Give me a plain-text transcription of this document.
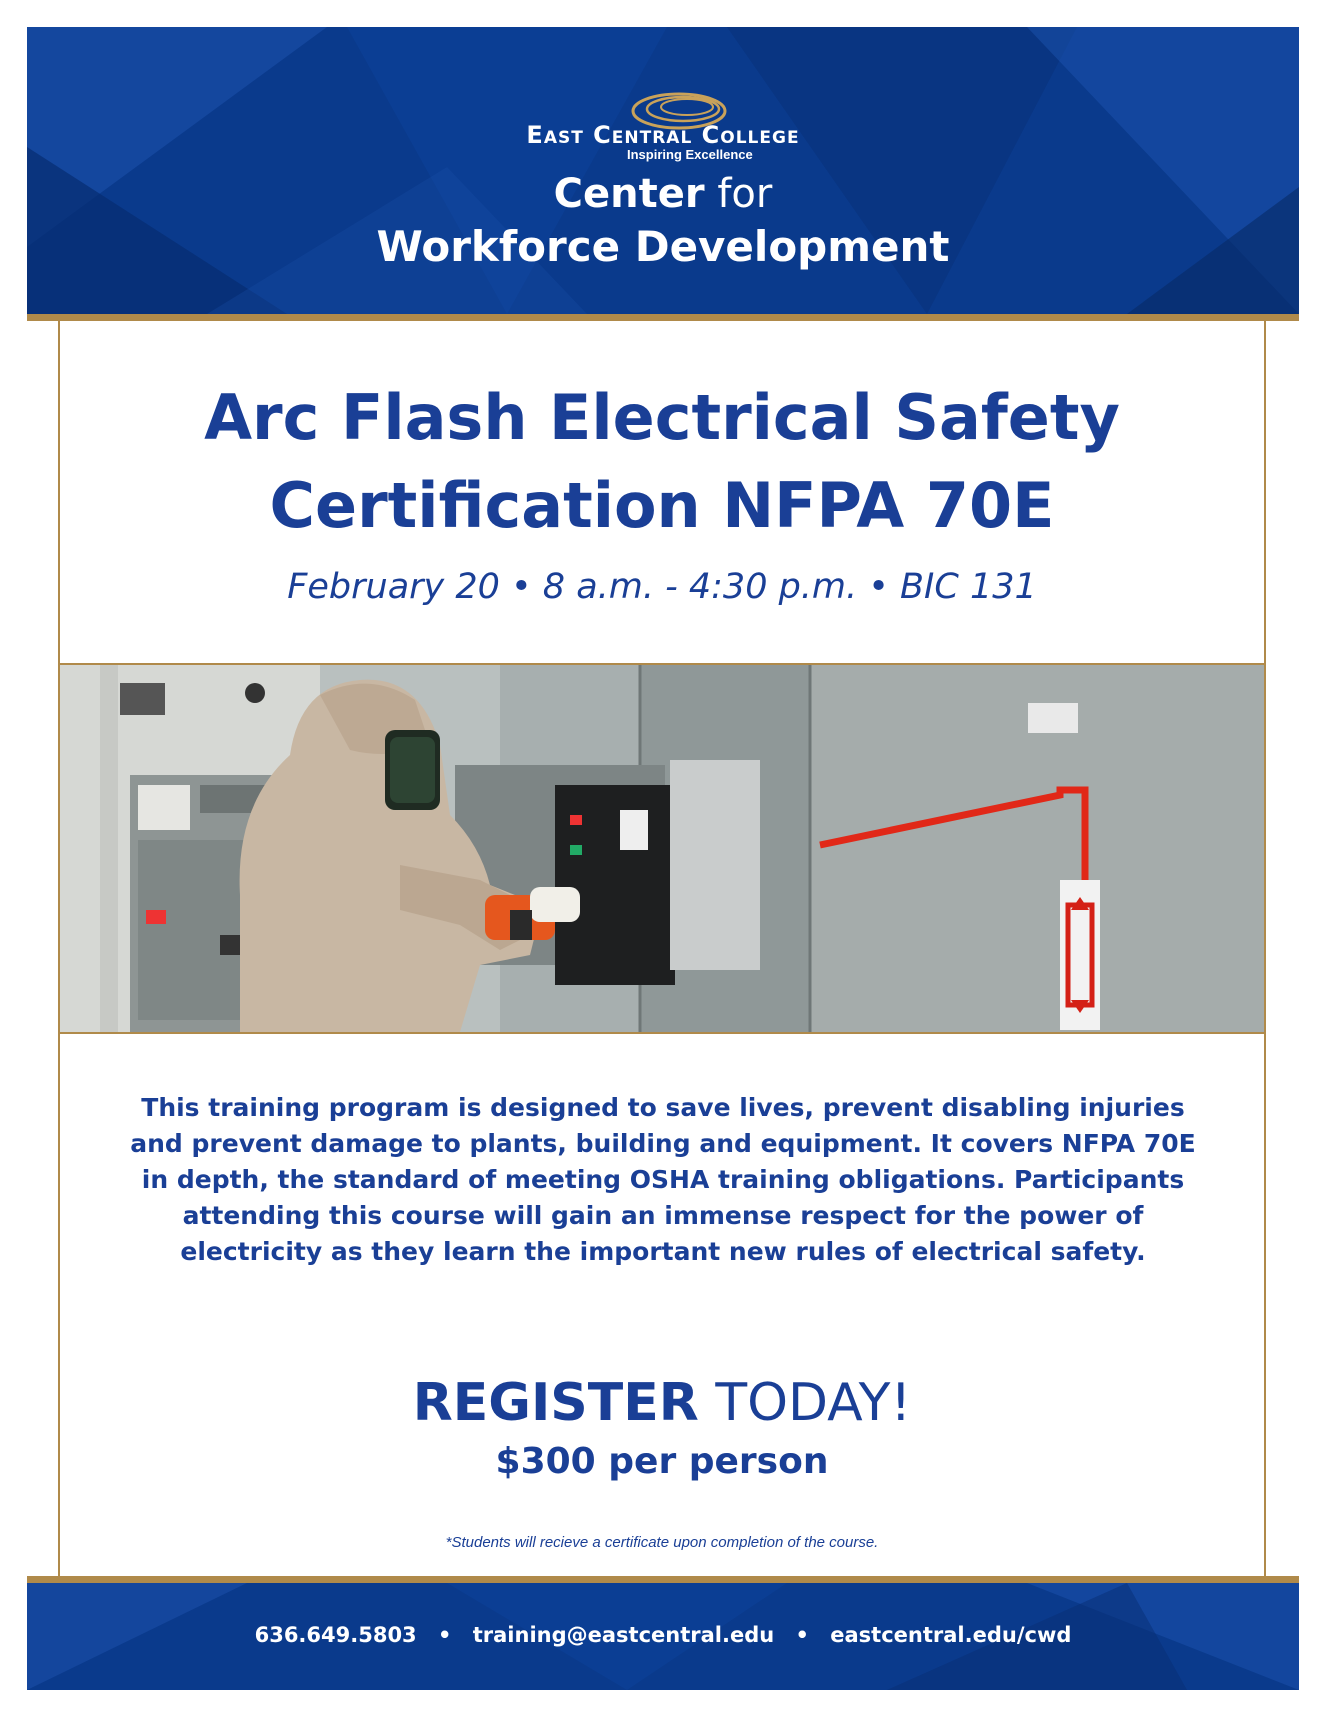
East Central College
Inspiring Excellence
Center for
Workforce Development
Arc Flash Electrical Safety
Certification NFPA 70E
February 20 • 8 a.m. - 4:30 p.m. • BIC 131
This training program is designed to save lives, prevent disabling injuries and prevent damage to plants, building and equipment. It covers NFPA 70E in depth, the standard of meeting OSHA training obligations. Participants attending this course will gain an immense respect for the power of electricity as they learn the important new rules of electrical safety.
REGISTER TODAY!
$300 per person
*Students will recieve a certificate upon completion of the course.
636.649.5803 • training@eastcentral.edu • eastcentral.edu/cwd
